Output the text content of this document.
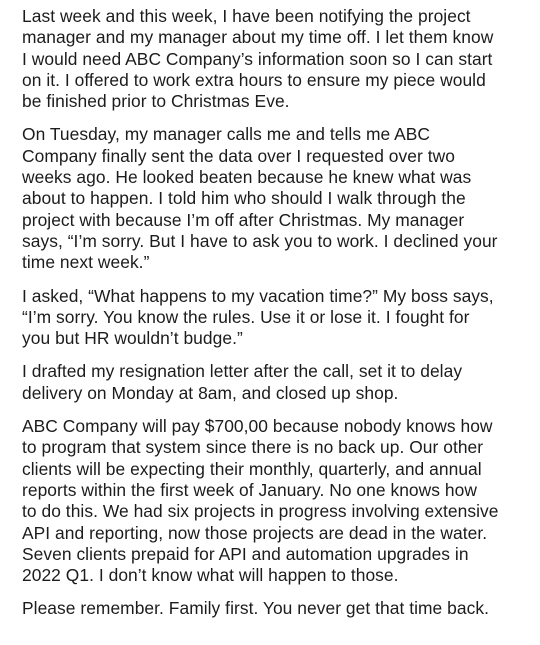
Last week and this week, I have been notifying the project
manager and my manager about my time off. I let them know
I would need ABC Company’s information soon so I can start
on it. I offered to work extra hours to ensure my piece would
be finished prior to Christmas Eve.
On Tuesday, my manager calls me and tells me ABC
Company finally sent the data over I requested over two
weeks ago. He looked beaten because he knew what was
about to happen. I told him who should I walk through the
project with because I’m off after Christmas. My manager
says, “I’m sorry. But I have to ask you to work. I declined your
time next week.”
I asked, “What happens to my vacation time?” My boss says,
“I’m sorry. You know the rules. Use it or lose it. I fought for
you but HR wouldn’t budge.”
I drafted my resignation letter after the call, set it to delay
delivery on Monday at 8am, and closed up shop.
ABC Company will pay $700,00 because nobody knows how
to program that system since there is no back up. Our other
clients will be expecting their monthly, quarterly, and annual
reports within the first week of January. No one knows how
to do this. We had six projects in progress involving extensive
API and reporting, now those projects are dead in the water.
Seven clients prepaid for API and automation upgrades in
2022 Q1. I don’t know what will happen to those.
Please remember. Family first. You never get that time back.
